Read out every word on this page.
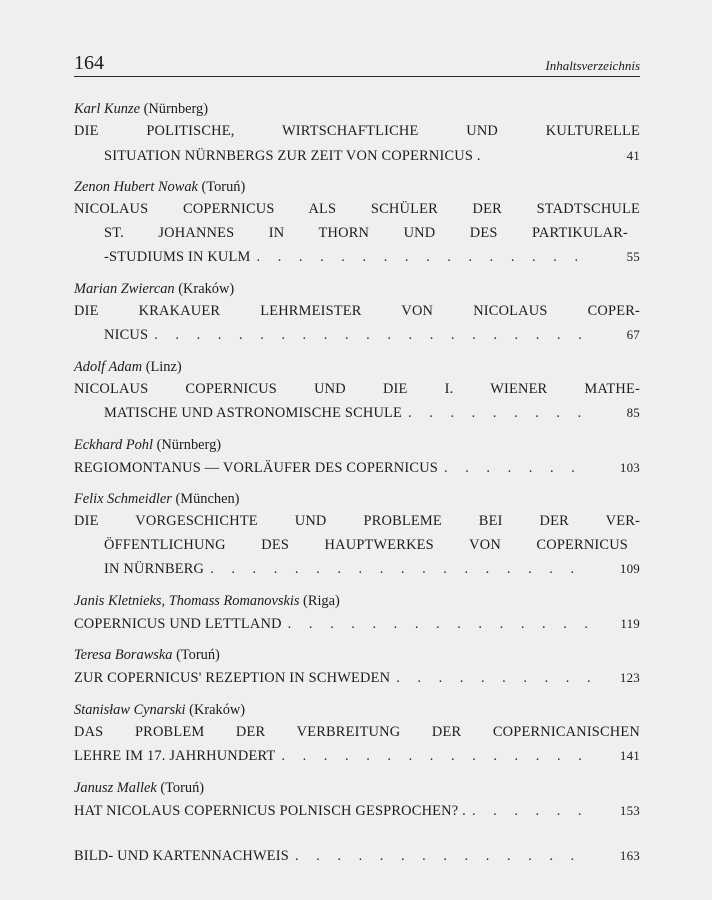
164	Inhaltsverzeichnis
Karl Kunze (Nürnberg)
DIE POLITISCHE, WIRTSCHAFTLICHE UND KULTURELLE
SITUATION NÜRNBERGS ZUR ZEIT VON COPERNICUS .	41
Zenon Hubert Nowak (Toruń)
NICOLAUS COPERNICUS ALS SCHÜLER DER STADTSCHULE
ST. JOHANNES IN THORN UND DES PARTIKULAR-
-STUDIUMS IN KULM . . .	55
Marian Zwiercan (Kraków)
DIE KRAKAUER LEHRMEISTER VON NICOLAUS COPER-
NICUS . . .	67
Adolf Adam (Linz)
NICOLAUS COPERNICUS UND DIE I. WIENER MATHE-
MATISCHE UND ASTRONOMISCHE SCHULE . . .	85
Eckhard Pohl (Nürnberg)
REGIOMONTANUS — VORLÄUFER DES COPERNICUS . . .	103
Felix Schmeidler (München)
DIE VORGESCHICHTE UND PROBLEME BEI DER VER-
ÖFFENTLICHUNG DES HAUPTWERKES VON COPERNICUS
IN NÜRNBERG . . .	109
Janis Kletnieks, Thomass Romanovskis (Riga)
COPERNICUS UND LETTLAND . . .	119
Teresa Borawska (Toruń)
ZUR COPERNICUS' REZEPTION IN SCHWEDEN . . .	123
Stanisław Cynarski (Kraków)
DAS PROBLEM DER VERBREITUNG DER COPERNICANISCHEN
LEHRE IM 17. JAHRHUNDERT . . .	141
Janusz Mallek (Toruń)
HAT NICOLAUS COPERNICUS POLNISCH GESPROCHEN? . . . .	153
BILD- UND KARTENNACHWEIS . . .	163
